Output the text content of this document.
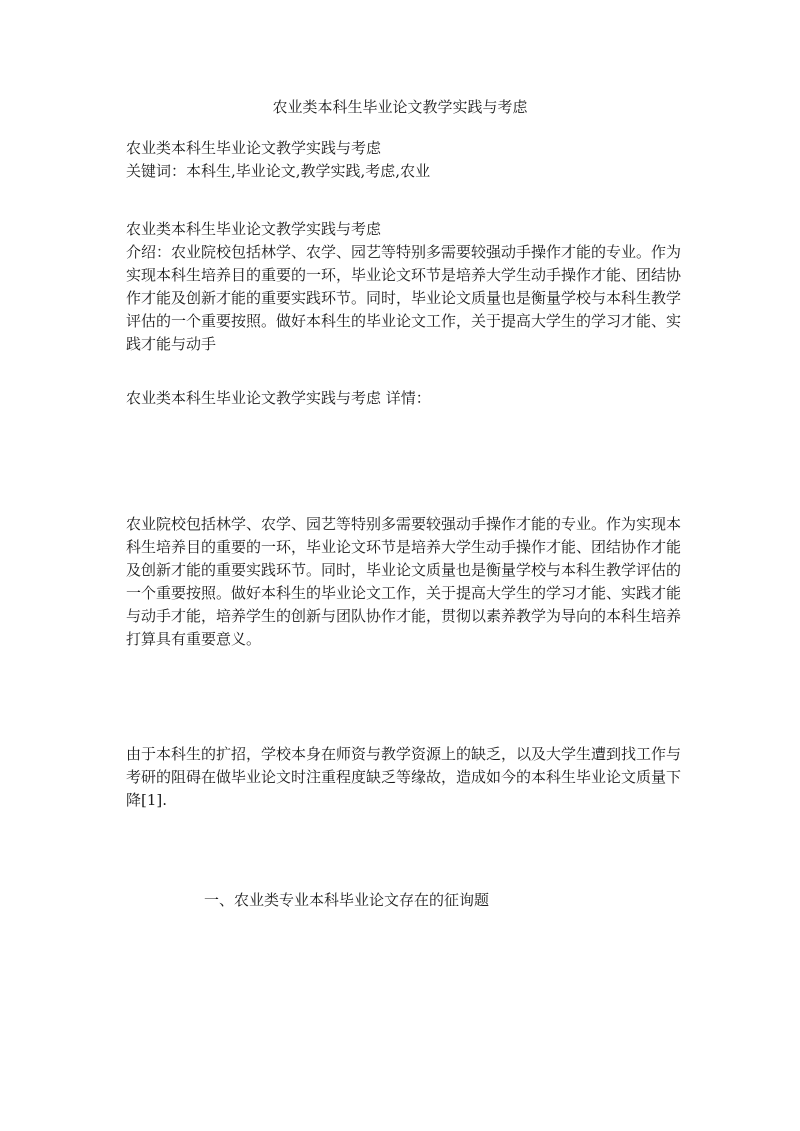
农业类本科生毕业论文教学实践与考虑

农业类本科生毕业论文教学实践与考虑

关键词：本科生,毕业论文,教学实践,考虑,农业

农业类本科生毕业论文教学实践与考虑

介绍：农业院校包括林学、农学、园艺等特别多需要较强动手操作才能的专业。作为实现本科生培养目的重要的一环，毕业论文环节是培养大学生动手操作才能、团结协作才能及创新才能的重要实践环节。同时，毕业论文质量也是衡量学校与本科生教学评估的一个重要按照。做好本科生的毕业论文工作，关于提高大学生的学习才能、实践才能与动手

农业类本科生毕业论文教学实践与考虑 详情：

农业院校包括林学、农学、园艺等特别多需要较强动手操作才能的专业。作为实现本科生培养目的重要的一环，毕业论文环节是培养大学生动手操作才能、团结协作才能及创新才能的重要实践环节。同时，毕业论文质量也是衡量学校与本科生教学评估的一个重要按照。做好本科生的毕业论文工作，关于提高大学生的学习才能、实践才能与动手才能，培养学生的创新与团队协作才能，贯彻以素养教学为导向的本科生培养打算具有重要意义。

由于本科生的扩招，学校本身在师资与教学资源上的缺乏，以及大学生遭到找工作与考研的阻碍在做毕业论文时注重程度缺乏等缘故，造成如今的本科生毕业论文质量下降[1].

一、农业类专业本科毕业论文存在的征询题
